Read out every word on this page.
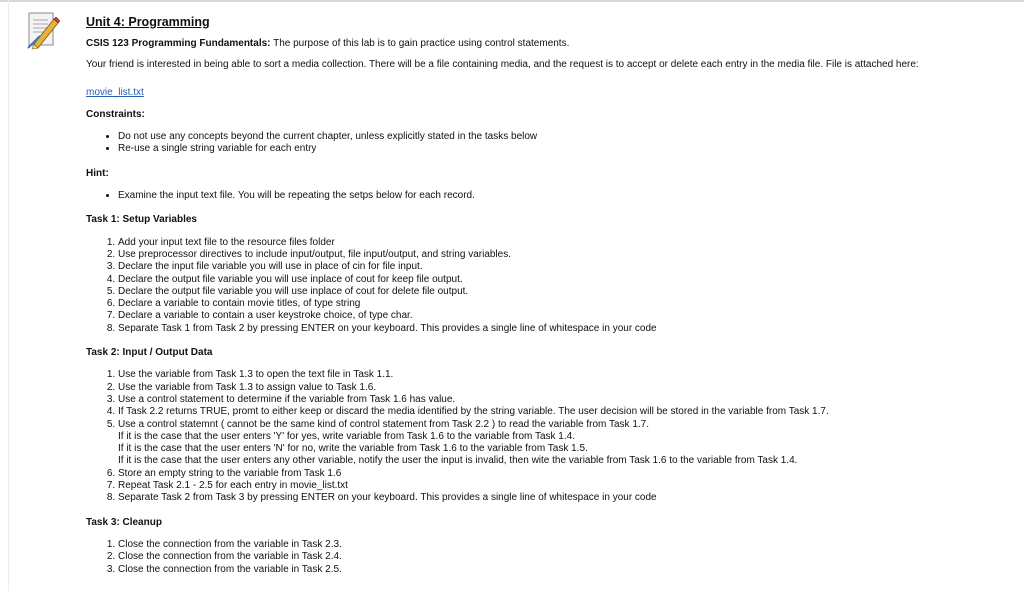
Unit 4: Programming

CSIS 123 Programming Fundamentals: The purpose of this lab is to gain practice using control statements.

Your friend is interested in being able to sort a media collection. There will be a file containing media, and the request is to accept or delete each entry in the media file. File is attached here:

movie_list.txt
Constraints:
• Do not use any concepts beyond the current chapter, unless explicitly stated in the tasks below
• Re-use a single string variable for each entry
Hint:
• Examine the input text file. You will be repeating the setps below for each record.
Task 1: Setup Variables
1. Add your input text file to the resource files folder
2. Use preprocessor directives to include input/output, file input/output, and string variables.
3. Declare the input file variable you will use in place of cin for file input.
4. Declare the output file variable you will use inplace of cout for keep file output.
5. Declare the output file variable you will use inplace of cout for delete file output.
6. Declare a variable to contain movie titles, of type string
7. Declare a variable to contain a user keystroke choice, of type char.
8. Separate Task 1 from Task 2 by pressing ENTER on your keyboard. This provides a single line of whitespace in your code
Task 2: Input / Output Data
1. Use the variable from Task 1.3 to open the text file in Task 1.1.
2. Use the variable from Task 1.3 to assign value to Task 1.6.
3. Use a control statement to determine if the variable from Task 1.6 has value.
4. If Task 2.2 returns TRUE, promt to either keep or discard the media identified by the string variable. The user decision will be stored in the variable from Task 1.7.
5. Use a control statemnt ( cannot be the same kind of control statement from Task 2.2 ) to read the variable from Task 1.7.
If it is the case that the user enters 'Y' for yes, write variable from Task 1.6 to the variable from Task 1.4.
If it is the case that the user enters 'N' for no, write the variable from Task 1.6 to the variable from Task 1.5.
If it is the case that the user enters any other variable, notify the user the input is invalid, then wite the variable from Task 1.6 to the variable from Task 1.4.
6. Store an empty string to the variable from Task 1.6
7. Repeat Task 2.1 - 2.5 for each entry in movie_list.txt
8. Separate Task 2 from Task 3 by pressing ENTER on your keyboard. This provides a single line of whitespace in your code
Task 3: Cleanup
1. Close the connection from the variable in Task 2.3.
2. Close the connection from the variable in Task 2.4.
3. Close the connection from the variable in Task 2.5.
